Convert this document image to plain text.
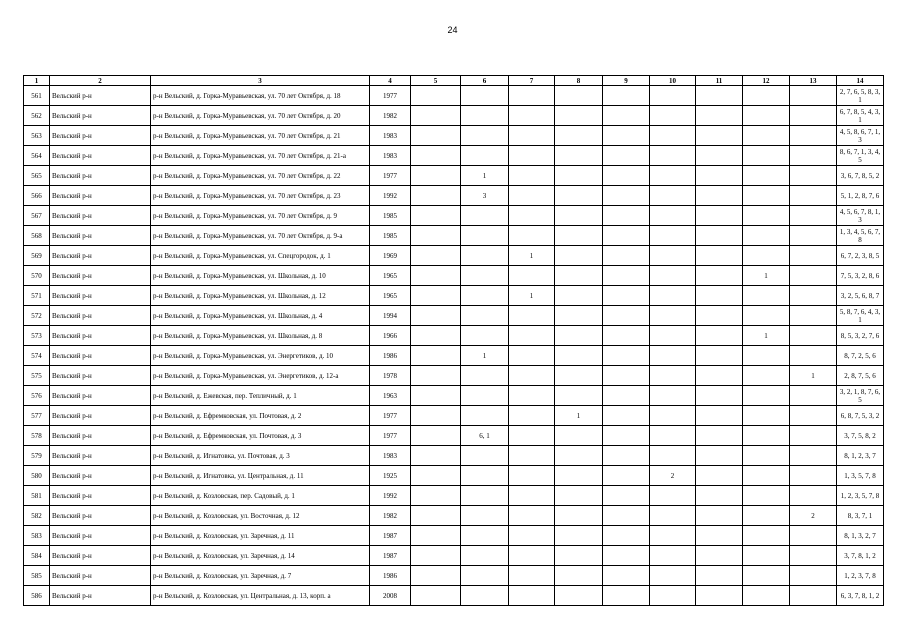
24
1	2	3	4	5	6	7	8	9	10	11	12	13	14
561	Вельский р-н	р-н Вельский, д. Горка-Муравьевская, ул. 70 лет Октября, д. 18	1977										2, 7, 6, 5, 8, 3, 1
562	Вельский р-н	р-н Вельский, д. Горка-Муравьевская, ул. 70 лет Октября, д. 20	1982										6, 7, 8, 5, 4, 3, 1
563	Вельский р-н	р-н Вельский, д. Горка-Муравьевская, ул. 70 лет Октября, д. 21	1983										4, 5, 8, 6, 7, 1, 3
564	Вельский р-н	р-н Вельский, д. Горка-Муравьевская, ул. 70 лет Октября, д. 21-а	1983										8, 6, 7, 1, 3, 4, 5
565	Вельский р-н	р-н Вельский, д. Горка-Муравьевская, ул. 70 лет Октября, д. 22	1977		1								3, 6, 7, 8, 5, 2
566	Вельский р-н	р-н Вельский, д. Горка-Муравьевская, ул. 70 лет Октября, д. 23	1992		3								5, 1, 2, 8, 7, 6
567	Вельский р-н	р-н Вельский, д. Горка-Муравьевская, ул. 70 лет Октября, д. 9	1985										4, 5, 6, 7, 8, 1, 3
568	Вельский р-н	р-н Вельский, д. Горка-Муравьевская, ул. 70 лет Октября, д. 9-а	1985										1, 3, 4, 5, 6, 7, 8
569	Вельский р-н	р-н Вельский, д. Горка-Муравьевская, ул. Спецгородок, д. 1	1969			1							6, 7, 2, 3, 8, 5
570	Вельский р-н	р-н Вельский, д. Горка-Муравьевская, ул. Школьная, д. 10	1965								1		7, 5, 3, 2, 8, 6
571	Вельский р-н	р-н Вельский, д. Горка-Муравьевская, ул. Школьная, д. 12	1965			1							3, 2, 5, 6, 8, 7
572	Вельский р-н	р-н Вельский, д. Горка-Муравьевская, ул. Школьная, д. 4	1994										5, 8, 7, 6, 4, 3, 1
573	Вельский р-н	р-н Вельский, д. Горка-Муравьевская, ул. Школьная, д. 8	1966								1		8, 5, 3, 2, 7, 6
574	Вельский р-н	р-н Вельский, д. Горка-Муравьевская, ул. Энергетиков, д. 10	1986		1								8, 7, 2, 5, 6
575	Вельский р-н	р-н Вельский, д. Горка-Муравьевская, ул. Энергетиков, д. 12-а	1978									1	2, 8, 7, 5, 6
576	Вельский р-н	р-н Вельский, д. Ежевская, пер. Тепличный, д. 1	1963										3, 2, 1, 8, 7, 6, 5
577	Вельский р-н	р-н Вельский, д. Ефремковская, ул. Почтовая, д. 2	1977				1						6, 8, 7, 5, 3, 2
578	Вельский р-н	р-н Вельский, д. Ефремковская, ул. Почтовая, д. 3	1977		6, 1								3, 7, 5, 8, 2
579	Вельский р-н	р-н Вельский, д. Игнатовка, ул. Почтовая, д. 3	1983										8, 1, 2, 3, 7
580	Вельский р-н	р-н Вельский, д. Игнатовка, ул. Центральная, д. 11	1925						2				1, 3, 5, 7, 8
581	Вельский р-н	р-н Вельский, д. Козловская, пер. Садовый, д. 1	1992										1, 2, 3, 5, 7, 8
582	Вельский р-н	р-н Вельский, д. Козловская, ул. Восточная, д. 12	1982									2	8, 3, 7, 1
583	Вельский р-н	р-н Вельский, д. Козловская, ул. Заречная, д. 11	1987										8, 1, 3, 2, 7
584	Вельский р-н	р-н Вельский, д. Козловская, ул. Заречная, д. 14	1987										3, 7, 8, 1, 2
585	Вельский р-н	р-н Вельский, д. Козловская, ул. Заречная, д. 7	1986										1, 2, 3, 7, 8
586	Вельский р-н	р-н Вельский, д. Козловская, ул. Центральная, д. 13, корп. а	2008										6, 3, 7, 8, 1, 2
